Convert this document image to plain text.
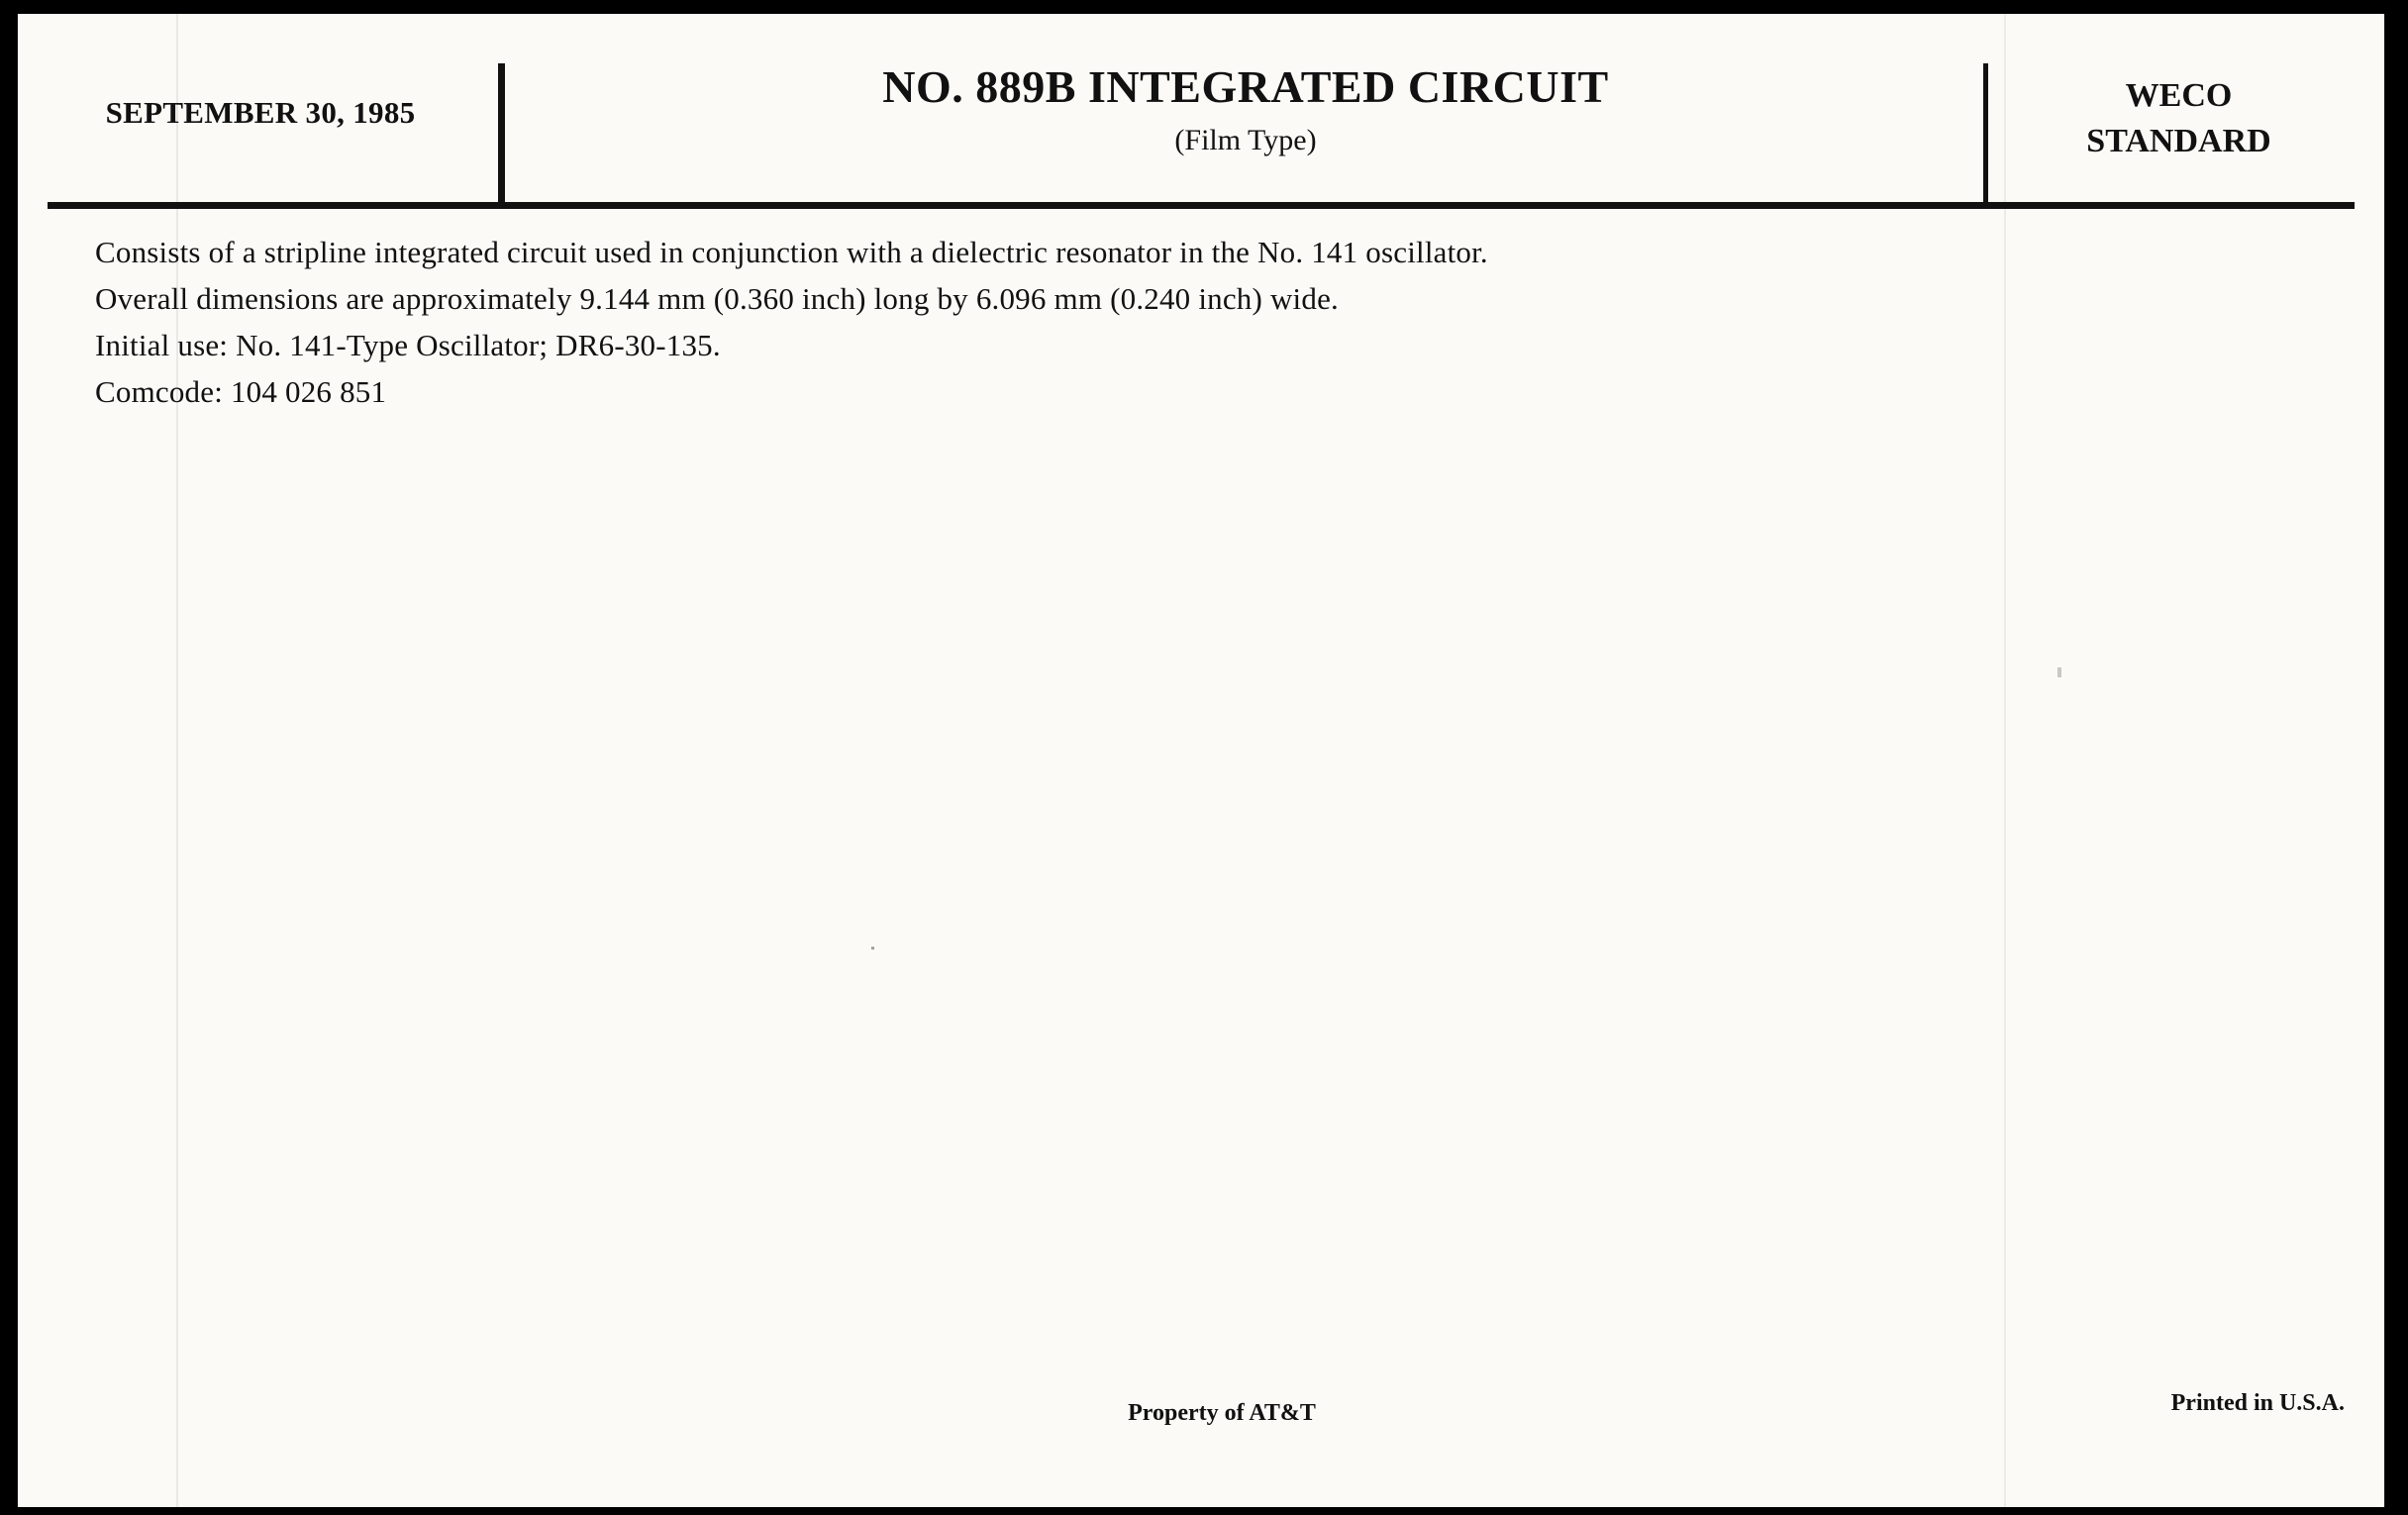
SEPTEMBER 30, 1985
NO. 889B INTEGRATED CIRCUIT
(Film Type)
WECO
STANDARD

Consists of a stripline integrated circuit used in conjunction with a dielectric resonator in the No. 141 oscillator.

Overall dimensions are approximately 9.144 mm (0.360 inch) long by 6.096 mm (0.240 inch) wide.

Initial use: No. 141-Type Oscillator; DR6-30-135.

Comcode: 104 026 851

Property of AT&T	Printed in U.S.A.
